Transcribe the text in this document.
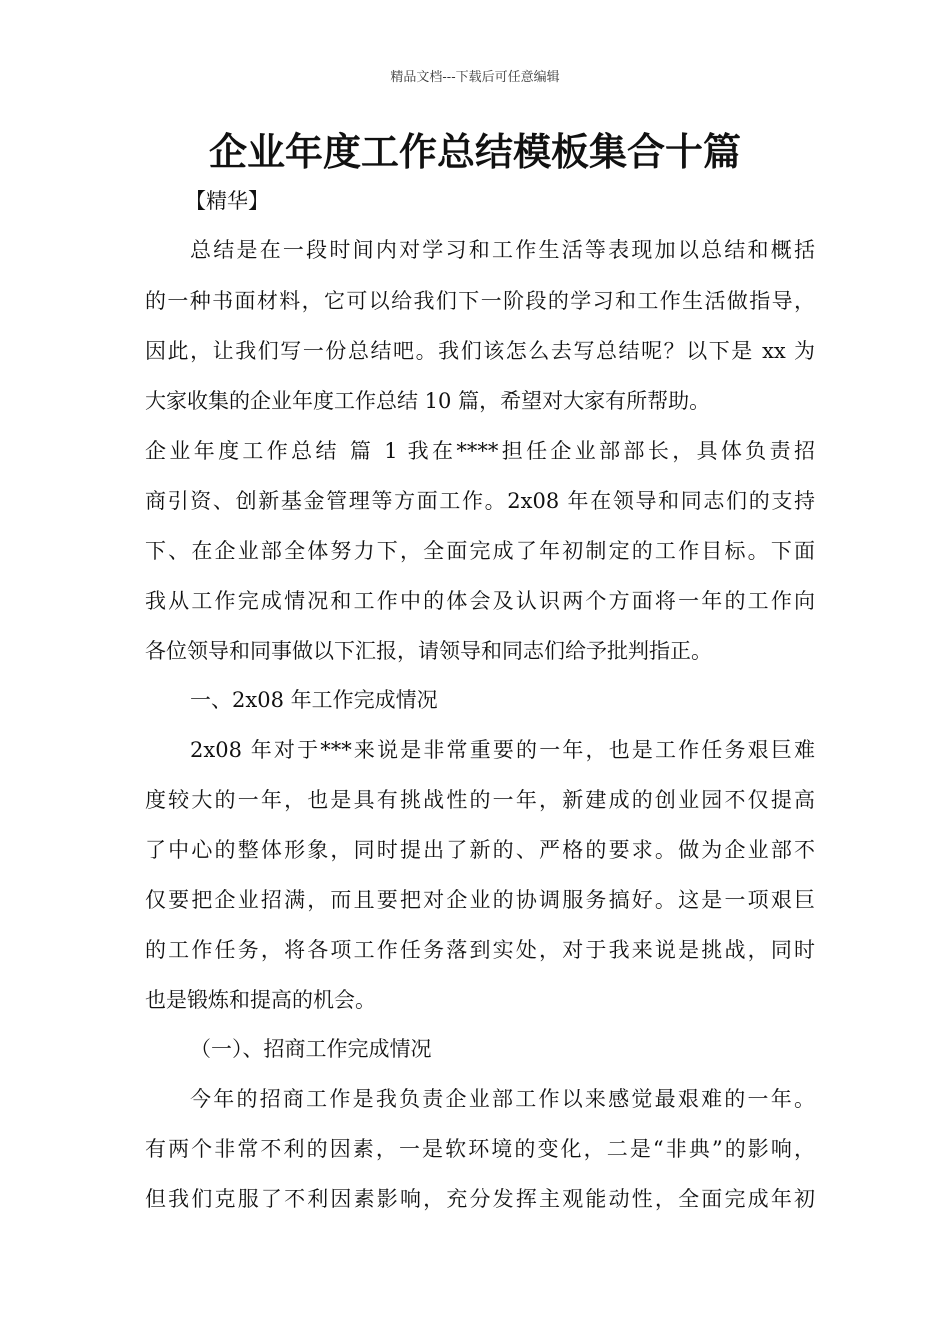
精品文档---下载后可任意编辑
企业年度工作总结模板集合十篇
【精华】
总结是在一段时间内对学习和工作生活等表现加以总结和概括
的一种书面材料，它可以给我们下一阶段的学习和工作生活做指导，
因此，让我们写一份总结吧。我们该怎么去写总结呢？以下是 xx 为
大家收集的企业年度工作总结 10 篇，希望对大家有所帮助。
企业年度工作总结 篇 1 我在****担任企业部部长，具体负责招
商引资、创新基金管理等方面工作。2x08 年在领导和同志们的支持
下、在企业部全体努力下，全面完成了年初制定的工作目标。下面
我从工作完成情况和工作中的体会及认识两个方面将一年的工作向
各位领导和同事做以下汇报，请领导和同志们给予批判指正。
一、2x08 年工作完成情况
2x08 年对于***来说是非常重要的一年，也是工作任务艰巨难
度较大的一年，也是具有挑战性的一年，新建成的创业园不仅提高
了中心的整体形象，同时提出了新的、严格的要求。做为企业部不
仅要把企业招满，而且要把对企业的协调服务搞好。这是一项艰巨
的工作任务，将各项工作任务落到实处，对于我来说是挑战，同时
也是锻炼和提高的机会。
（一）、招商工作完成情况
今年的招商工作是我负责企业部工作以来感觉最艰难的一年。
有两个非常不利的因素，一是软环境的变化，二是“非典”的影响，
但我们克服了不利因素影响，充分发挥主观能动性，全面完成年初
